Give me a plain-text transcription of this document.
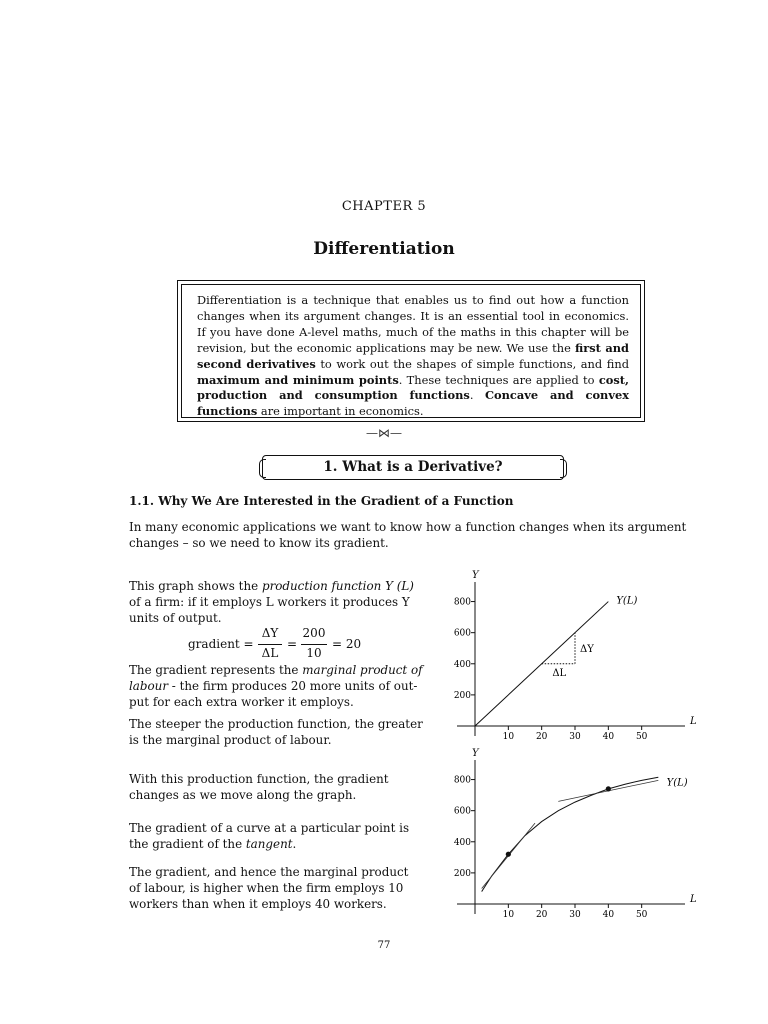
CHAPTER 5
Differentiation
Differentiation is a technique that enables us to find out how a function changes when its argument changes. It is an essential tool in economics. If you have done A-level maths, much of the maths in this chapter will be revision, but the economic applications may be new. We use the first and second derivatives to work out the shapes of simple functions, and find maximum and minimum points. These techniques are applied to cost, production and consumption functions. Concave and convex functions are important in economics.
—⋈—
1. What is a Derivative?
1.1. Why We Are Interested in the Gradient of a Function
In many economic applications we want to know how a function changes when its argument
changes – so we need to know its gradient.
This graph shows the production function Y (L)
of a firm: if it employs L workers it produces Y
units of output.
gradient =
ΔY
ΔL
=
200
10
= 20
The gradient represents the marginal product of
labour - the firm produces 20 more units of out-
put for each extra worker it employs.
The steeper the production function, the greater
is the marginal product of labour.
With this production function, the gradient
changes as we move along the graph.
The gradient of a curve at a particular point is
the gradient of the tangent.
The gradient, and hence the marginal product
of labour, is higher when the firm employs 10
workers than when it employs 40 workers.
L
Y
10 20 30 40 50
200
400
600
800	Y(L)
ΔY
ΔL
L
Y
10 20 30 40 50
200
400
600
800	Y(L)
77
